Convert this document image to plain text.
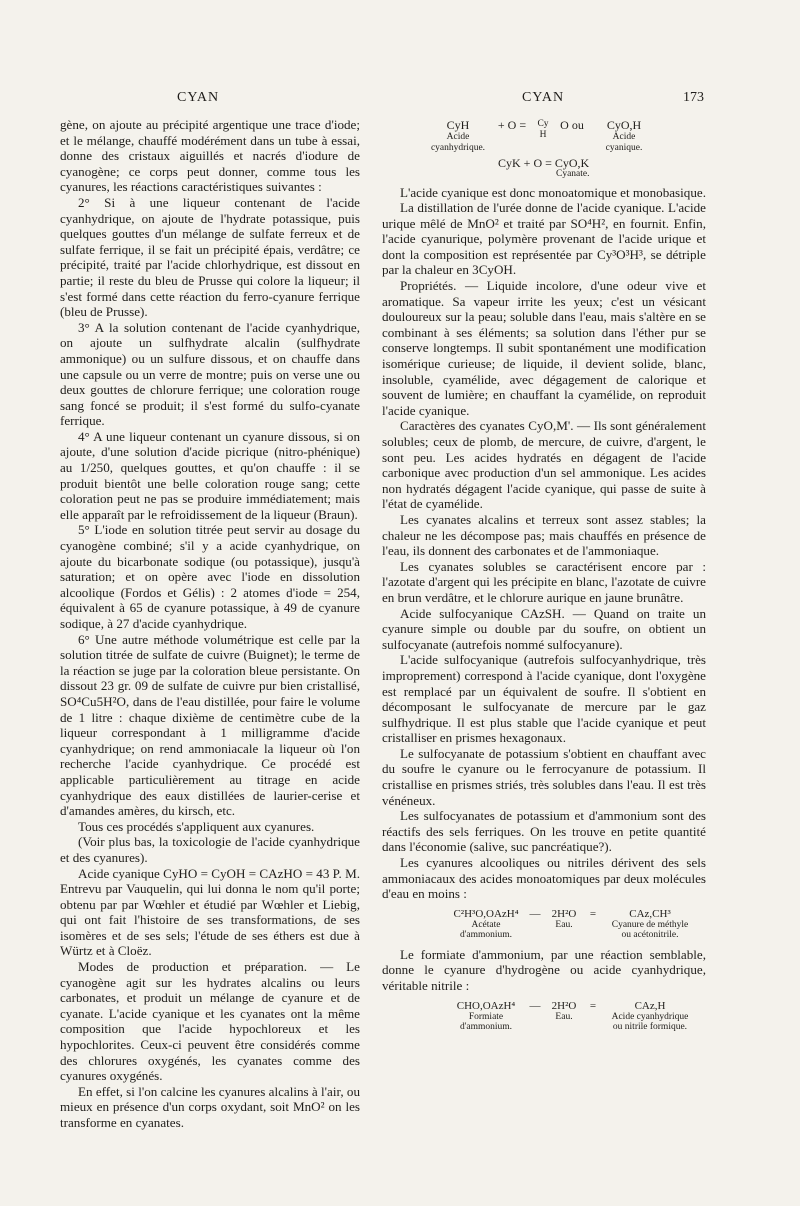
CYAN	CYAN	173

gène, on ajoute au précipité argentique une trace d'iode; et le mélange, chauffé modérément dans un tube à essai, donne des cristaux aiguillés et nacrés d'iodure de cyanogène; ce corps peut donner, comme tous les cyanures, les réactions caractéristiques suivantes :

2° Si à une liqueur contenant de l'acide cyanhydrique, on ajoute de l'hydrate potassique, puis quelques gouttes d'un mélange de sulfate ferreux et de sulfate ferrique, il se fait un précipité épais, verdâtre; ce précipité, traité par l'acide chlorhydrique, est dissout en partie; il reste du bleu de Prusse qui colore la liqueur; il s'est formé dans cette réaction du ferro-cyanure ferrique (bleu de Prusse).

3° A la solution contenant de l'acide cyanhydrique, on ajoute un sulfhydrate alcalin (sulfhydrate ammonique) ou un sulfure dissous, et on chauffe dans une capsule ou un verre de montre; puis on verse une ou deux gouttes de chlorure ferrique; une coloration rouge sang foncé se produit; il s'est formé du sulfo-cyanate ferrique.

4° A une liqueur contenant un cyanure dissous, si on ajoute, d'une solution d'acide picrique (nitro-phénique) au 1/250, quelques gouttes, et qu'on chauffe : il se produit bientôt une belle coloration rouge sang; cette coloration peut ne pas se produire immédiatement; mais elle apparaît par le refroidissement de la liqueur (Braun).

5° L'iode en solution titrée peut servir au dosage du cyanogène combiné; s'il y a acide cyanhydrique, on ajoute du bicarbonate sodique (ou potassique), jusqu'à saturation; et on opère avec l'iode en dissolution alcoolique (Fordos et Gélis) : 2 atomes d'iode = 254, équivalent à 65 de cyanure potassique, à 49 de cyanure sodique, à 27 d'acide cyanhydrique.

6° Une autre méthode volumétrique est celle par la solution titrée de sulfate de cuivre (Buignet); le terme de la réaction se juge par la coloration bleue persistante. On dissout 23 gr. 09 de sulfate de cuivre pur bien cristallisé, SO⁴Cu5H²O, dans de l'eau distillée, pour faire le volume de 1 litre : chaque dixième de centimètre cube de la liqueur correspondant à 1 milligramme d'acide cyanhydrique; on rend ammoniacale la liqueur où l'on recherche l'acide cyanhydrique. Ce procédé est applicable particulièrement au titrage en acide cyanhydrique des eaux distillées de laurier-cerise et d'amandes amères, du kirsch, etc.

Tous ces procédés s'appliquent aux cyanures.

(Voir plus bas, la toxicologie de l'acide cyanhydrique et des cyanures).

Acide cyanique CyHO = CyOH = CAzHO = 43 P. M. Entrevu par Vauquelin, qui lui donna le nom qu'il porte; obtenu par par Wœhler et étudié par Wœhler et Liebig, qui ont fait l'histoire de ses transformations, de ses isomères et de ses sels; l'étude de ses éthers est due à Würtz et à Cloëz.

Modes de production et préparation. — Le cyanogène agit sur les hydrates alcalins ou leurs carbonates, et produit un mélange de cyanure et de cyanate. L'acide cyanique et les cyanates ont la même composition que l'acide hypochloreux et les hypochlorites. Ceux-ci peuvent être considérés comme des chlorures oxygénés, les cyanates comme des cyanures oxygénés.

En effet, si l'on calcine les cyanures alcalins à l'air, ou mieux en présence d'un corps oxydant, soit MnO² on les transforme en cyanates.

CyH
Acide
cyanhydrique.
+ O =	Cy
H
O ou	CyO,H
Acide
cyanique.
CyK + O = CyO,K
Cyanate.

L'acide cyanique est donc monoatomique et monobasique.

La distillation de l'urée donne de l'acide cyanique. L'acide urique mêlé de MnO² et traité par SO⁴H², en fournit. Enfin, l'acide cyanurique, polymère provenant de l'acide urique et dont la composition est représentée par Cy³O³H³, se détriple par la chaleur en 3CyOH.

Propriétés. — Liquide incolore, d'une odeur vive et aromatique. Sa vapeur irrite les yeux; c'est un vésicant douloureux sur la peau; soluble dans l'eau, mais s'altère en se combinant à ses éléments; sa solution dans l'éther pur se conserve longtemps. Il subit spontanément une modification isomérique curieuse; de liquide, il devient solide, blanc, insoluble, cyamélide, avec dégagement de calorique et souvent de lumière; en chauffant la cyamélide, on reproduit l'acide cyanique.

Caractères des cyanates CyO,M'. — Ils sont généralement solubles; ceux de plomb, de mercure, de cuivre, d'argent, le sont peu. Les acides hydratés en dégagent de l'acide carbonique avec production d'un sel ammonique. Les acides non hydratés dégagent l'acide cyanique, qui passe de suite à l'état de cyamélide.

Les cyanates alcalins et terreux sont assez stables; la chaleur ne les décompose pas; mais chauffés en présence de l'eau, ils donnent des carbonates et de l'ammoniaque.

Les cyanates solubles se caractérisent encore par : l'azotate d'argent qui les précipite en blanc, l'azotate de cuivre en brun verdâtre, et le chlorure aurique en jaune brunâtre.

Acide sulfocyanique CAzSH. — Quand on traite un cyanure simple ou double par du soufre, on obtient un sulfocyanate (autrefois nommé sulfocyanure).

L'acide sulfocyanique (autrefois sulfocyanhydrique, très improprement) correspond à l'acide cyanique, dont l'oxygène est remplacé par un équivalent de soufre. Il s'obtient en décomposant le sulfocyanate de mercure par le gaz sulfhydrique. Il est plus stable que l'acide cyanique et peut cristalliser en prismes hexagonaux.

Le sulfocyanate de potassium s'obtient en chauffant avec du soufre le cyanure ou le ferrocyanure de potassium. Il cristallise en prismes striés, très solubles dans l'eau. Il est très vénéneux.

Les sulfocyanates de potassium et d'ammonium sont des réactifs des sels ferriques. On les trouve en petite quantité dans l'économie (salive, suc pancréatique?).

Les cyanures alcooliques ou nitriles dérivent des sels ammoniacaux des acides monoatomiques par deux molécules d'eau en moins :

C²H³O,OAzH⁴
Acétate
d'ammonium.
—	2H²O
Eau.
=	CAz,CH³
Cyanure de méthyle
ou acétonitrile.

Le formiate d'ammonium, par une réaction semblable, donne le cyanure d'hydrogène ou acide cyanhydrique, véritable nitrile :

CHO,OAzH⁴
Formiate
d'ammonium.
—	2H²O
Eau.
=	CAz,H
Acide cyanhydrique
ou nitrile formique.
